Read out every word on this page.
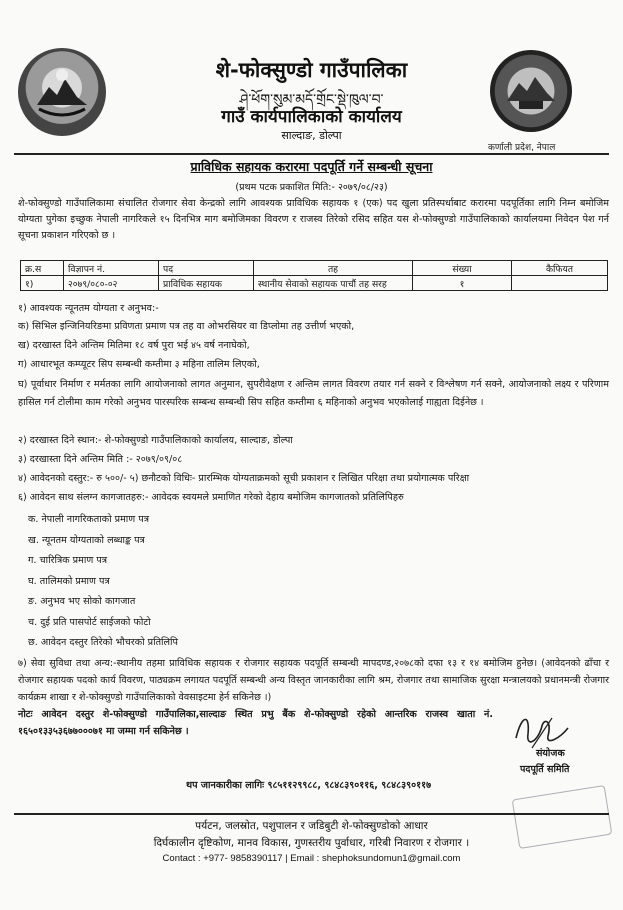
शे-फोक्सुण्डो गाउँपालिका
ཤེ་ཕོག་སུམ་མདོ་གྲོང་སྡེ་ཁུལ་བ་
गाउँ कार्यपालिकाको कार्यालय
साल्दाङ, डोल्पा
कर्णाली प्रदेश, नेपाल
प्राविधिक सहायक करारमा पदपूर्ति गर्ने सम्बन्धी सूचना
(प्रथम पटक प्रकाशित मिति:- २०७९/०८/२३)
शे-फोक्सुण्डो गाउँपालिकामा संचालित रोजगार सेवा केन्द्रको लागि आवश्यक प्राविधिक सहायक १ (एक) पद खुला प्रतिस्पर्धाबाट करारमा पदपूर्तिका लागि निम्न बमोजिम योग्यता पुगेका इच्छुक नेपाली नागरिकले १५ दिनभित्र माग बमोजिमका विवरण र राजस्व तिरेको रसिद सहित यस शे-फोक्सुण्डो गाउँपालिकाको कार्यालयमा निवेदन पेश गर्न सूचना प्रकाशन गरिएको छ ।
क्र.स	विज्ञापन नं.	पद	तह	संख्या	कैफियत
१)	२०७९/०८०-०२	प्राविधिक सहायक	स्थानीय सेवाको सहायक पाचौं तह सरह	१	
१) आवश्यक न्यूनतम योग्यता र अनुभव:-
क) सिभिल इन्जिनियरिङमा प्रविणता प्रमाण पत्र तह वा ओभरसियर वा डिप्लोमा तह उत्तीर्ण भएको,
ख) दरखास्त दिने अन्तिम मितिमा १८ वर्ष पुरा भई ४५ वर्ष ननाघेको,
ग) आधारभूत कम्प्यूटर सिप सम्बन्धी कम्तीमा ३ महिना तालिम लिएको,
घ) पूर्वाधार निर्माण र मर्मतका लागि आयोजनाको लागत अनुमान, सुपरीवेक्षण र अन्तिम लागत विवरण तयार गर्न सक्ने र विश्लेषण गर्न सक्ने, आयोजनाको लक्ष्य र परिणाम हासिल गर्न टोलीमा काम गरेको अनुभव पारस्परिक सम्बन्ध सम्बन्धी सिप सहित कम्तीमा ६ महिनाको अनुभव भएकोलाई गाह्यता दिईनेछ ।
२) दरखास्त दिने स्थान:- शे-फोक्सुण्डो गाउँपालिकाको कार्यालय, साल्दाङ, डोल्पा
३) दरखास्ता दिने अन्तिम मिति :- २०७९/०९/०८
४) आवेदनको दस्तुर:- रु ५००/- ५) छनौटको विधिः- प्रारम्भिक योग्यताक्रमको सूची प्रकाशन र लिखित परिक्षा तथा प्रयोगात्मक परिक्षा
६) आवेदन साथ संलग्न कागजातहरु:- आवेदक स्वयमले प्रमाणित गरेको देहाय बमोजिम कागजातको प्रतिलिपिहरु
क. नेपाली नागरिकताको प्रमाण पत्र
ख. न्यूनतम योग्यताको लब्धाङ्क पत्र
ग. चारित्रिक प्रमाण पत्र
घ. तालिमको प्रमाण पत्र
ङ. अनुभव भए सोको कागजात
च. दुई प्रति पासपोर्ट साईजको फोटो
छ. आवेदन दस्तुर तिरेको भौचरको प्रतिलिपि
७) सेवा सुविधा तथा अन्य:-स्थानीय तहमा प्राविधिक सहायक र रोजगार सहायक पदपूर्ति सम्बन्धी मापदण्ड,२०७८को दफा १३ र १४ बमोजिम हुनेछ। (आवेदनको ढाँचा र रोजगार सहायक पदको कार्य विवरण, पाठ्यक्रम लगायत पदपूर्ति सम्बन्धी अन्य विस्तृत जानकारीका लागि श्रम, रोजगार तथा सामाजिक सुरक्षा मन्त्रालयको प्रधानमन्त्री रोजगार कार्यक्रम शाखा र शे-फोक्सुण्डो गाउँपालिकाको वेवसाइटमा हेर्न सकिनेछ ।)
नोटः आवेदन दस्तुर शे-फोक्सुण्डो गाउँपालिका,साल्दाङ स्थित प्रभु बैंक शे-फोक्सुण्डो रहेको आन्तरिक राजस्व खाता नं. १६५०१३३५३६७७०००७१ मा जम्मा गर्न सकिनेछ ।
संयोजक
पदपूर्ति समिति
थप जानकारीका लागिः ९८५११२९९८८, ९८४८३९०११६, ९८४८३९०११७
पर्यटन, जलस्रोत, पशुपालन र जडिबुटी शे-फोक्सुण्डोको आधार
दिर्घकालीन दृष्टिकोण, मानव विकास, गुणस्तरीय पुर्वाधार, गरिबी निवारण र रोजगार ।
Contact : +977- 9858390117 | Email : shephoksundomun1@gmail.com
